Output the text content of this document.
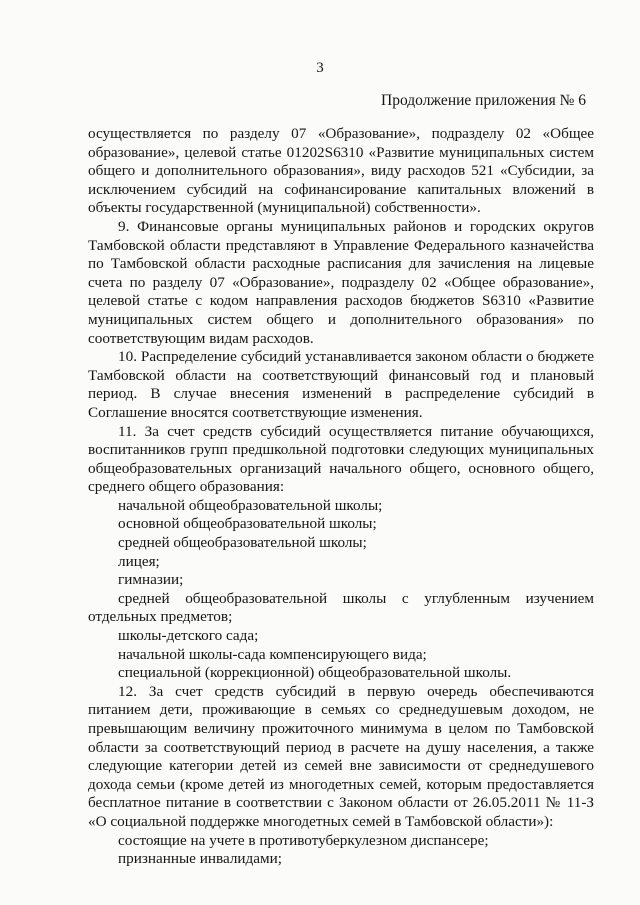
3
Продолжение приложения № 6

осуществляется по разделу 07 «Образование», подразделу 02 «Общее образование», целевой статье 01202S6310 «Развитие муниципальных систем общего и дополнительного образования», виду расходов 521 «Субсидии, за исключением субсидий на софинансирование капитальных вложений в объекты государственной (муниципальной) собственности».

9. Финансовые органы муниципальных районов и городских округов Тамбовской области представляют в Управление Федерального казначейства по Тамбовской области расходные расписания для зачисления на лицевые счета по разделу 07 «Образование», подразделу 02 «Общее образование», целевой статье с кодом направления расходов бюджетов S6310 «Развитие муниципальных систем общего и дополнительного образования» по соответствующим видам расходов.

10. Распределение субсидий устанавливается законом области о бюджете Тамбовской области на соответствующий финансовый год и плановый период. В случае внесения изменений в распределение субсидий в Соглашение вносятся соответствующие изменения.

11. За счет средств субсидий осуществляется питание обучающихся, воспитанников групп предшкольной подготовки следующих муниципальных общеобразовательных организаций начального общего, основного общего, среднего общего образования:

начальной общеобразовательной школы;

основной общеобразовательной школы;

средней общеобразовательной школы;

лицея;

гимназии;

средней общеобразовательной школы с углубленным изучением отдельных предметов;

школы-детского сада;

начальной школы-сада компенсирующего вида;

специальной (коррекционной) общеобразовательной школы.

12. За счет средств субсидий в первую очередь обеспечиваются питанием дети, проживающие в семьях со среднедушевым доходом, не превышающим величину прожиточного минимума в целом по Тамбовской области за соответствующий период в расчете на душу населения, а также следующие категории детей из семей вне зависимости от среднедушевого дохода семьи (кроме детей из многодетных семей, которым предоставляется бесплатное питание в соответствии с Законом области от 26.05.2011 № 11-З «О социальной поддержке многодетных семей в Тамбовской области»):

состоящие на учете в противотуберкулезном диспансере;

признанные инвалидами;
